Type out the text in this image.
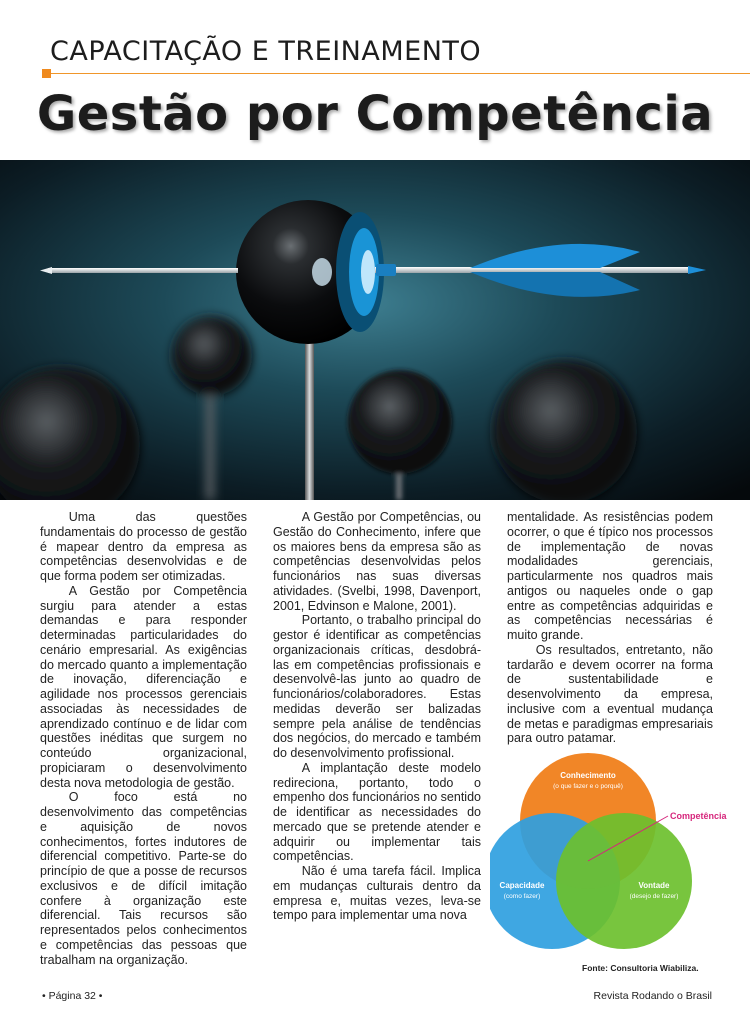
CAPACITAÇÃO E TREINAMENTO
Gestão por Competência

Uma das questões fundamentais do processo de gestão é mapear dentro da empresa as competências desenvolvidas e de que forma podem ser otimizadas.

A Gestão por Competência surgiu para atender a estas demandas e para responder determinadas particularidades do cenário empresarial. As exigências do mercado quanto a implementação de inovação, diferenciação e agilidade nos processos gerenciais associadas às necessidades de aprendizado contínuo e de lidar com questões inéditas que surgem no conteúdo organizacional, propiciaram o desenvolvimento desta nova metodologia de gestão.

O foco está no desenvolvimento das competências e aquisição de novos conhecimentos, fortes indutores de diferencial competitivo. Parte-se do princípio de que a posse de recursos exclusivos e de difícil imitação confere à organização este diferencial. Tais recursos são representados pelos conhecimentos e competências das pessoas que trabalham na organização.

A Gestão por Competências, ou Gestão do Conhecimento, infere que os maiores bens da empresa são as competências desenvolvidas pelos funcionários nas suas diversas atividades. (Svelbi, 1998, Davenport, 2001, Edvinson e Malone, 2001).

Portanto, o trabalho principal do gestor é identificar as competências organizacionais críticas, desdobrá-las em competências profissionais e desenvolvê-las junto ao quadro de funcionários/colaboradores. Estas medidas deverão ser balizadas sempre pela análise de tendências dos negócios, do mercado e também do desenvolvimento profissional.

A implantação deste modelo redireciona, portanto, todo o empenho dos funcionários no sentido de identificar as necessidades do mercado que se pretende atender e adquirir ou implementar tais competências.

Não é uma tarefa fácil. Implica em mudanças culturais dentro da empresa e, muitas vezes, leva-se tempo para implementar uma nova

mentalidade. As resistências podem ocorrer, o que é típico nos processos de implementação de novas modalidades gerenciais, particularmente nos quadros mais antigos ou naqueles onde o gap entre as competências adquiridas e as competências necessárias é muito grande.

Os resultados, entretanto, não tardarão e devem ocorrer na forma de sustentabilidade e desenvolvimento da empresa, inclusive com a eventual mudança de metas e paradigmas empresariais para outro patamar.

Conhecimento
(o que fazer e o porquê)
Capacidade
(como fazer)
Vontade
(desejo de fazer)
Competência
Fonte: Consultoria Wiabiliza.
• Página 32 •	Revista Rodando o Brasil
